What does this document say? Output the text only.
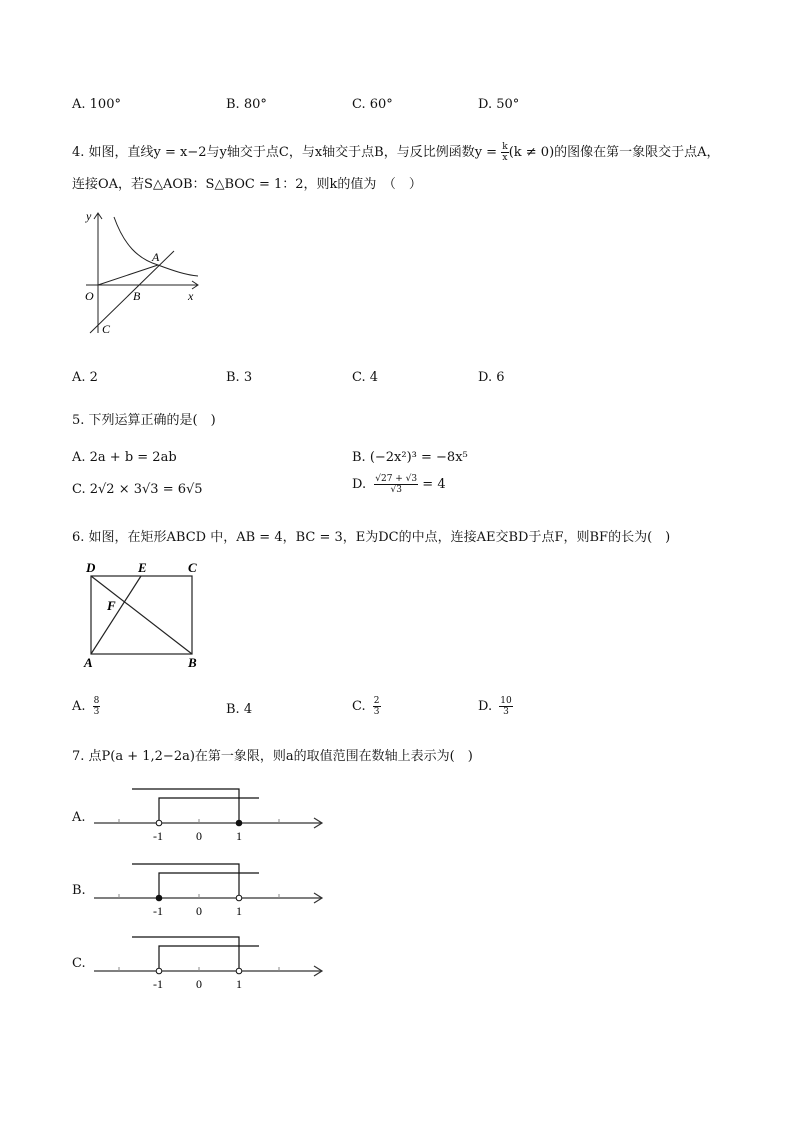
A. 100°	B. 80°	C. 60°	D. 50°
4. 如图，直线y = x−2与y轴交于点C，与x轴交于点B，与反比例函数$y = \frac{k}{x} (k \ne 0)$的图像在第一象限交于点A，
连接OA，若S△AOB：S△BOC = 1：2，则k的值为　（　）
y
x
O	B
A
C
A. 2	B. 3	C. 4	D. 6
5. 下列运算正确的是(　)
A. 2a + b = 2ab	B. (−2x²)³ = −8x⁵
C. 2√2 × 3√3 = 6√5	D. $\frac{√27 + √3}{√3} = 4$
6. 如图，在矩形ABCD 中，AB = 4，BC = 3，E为DC的中点，连接AE交BD于点F，则BF的长为(　)
D	E	C
F
A	B
A. $\frac{8}{3}$	B. 4	C. $\frac{2}{3}$	D. $\frac{10}{3}$
7. 点P(a + 1,2−2a)在第一象限，则a的取值范围在数轴上表示为(　)
A.
-1	0	1
B.
-1	0	1
C.
-1	0	1
